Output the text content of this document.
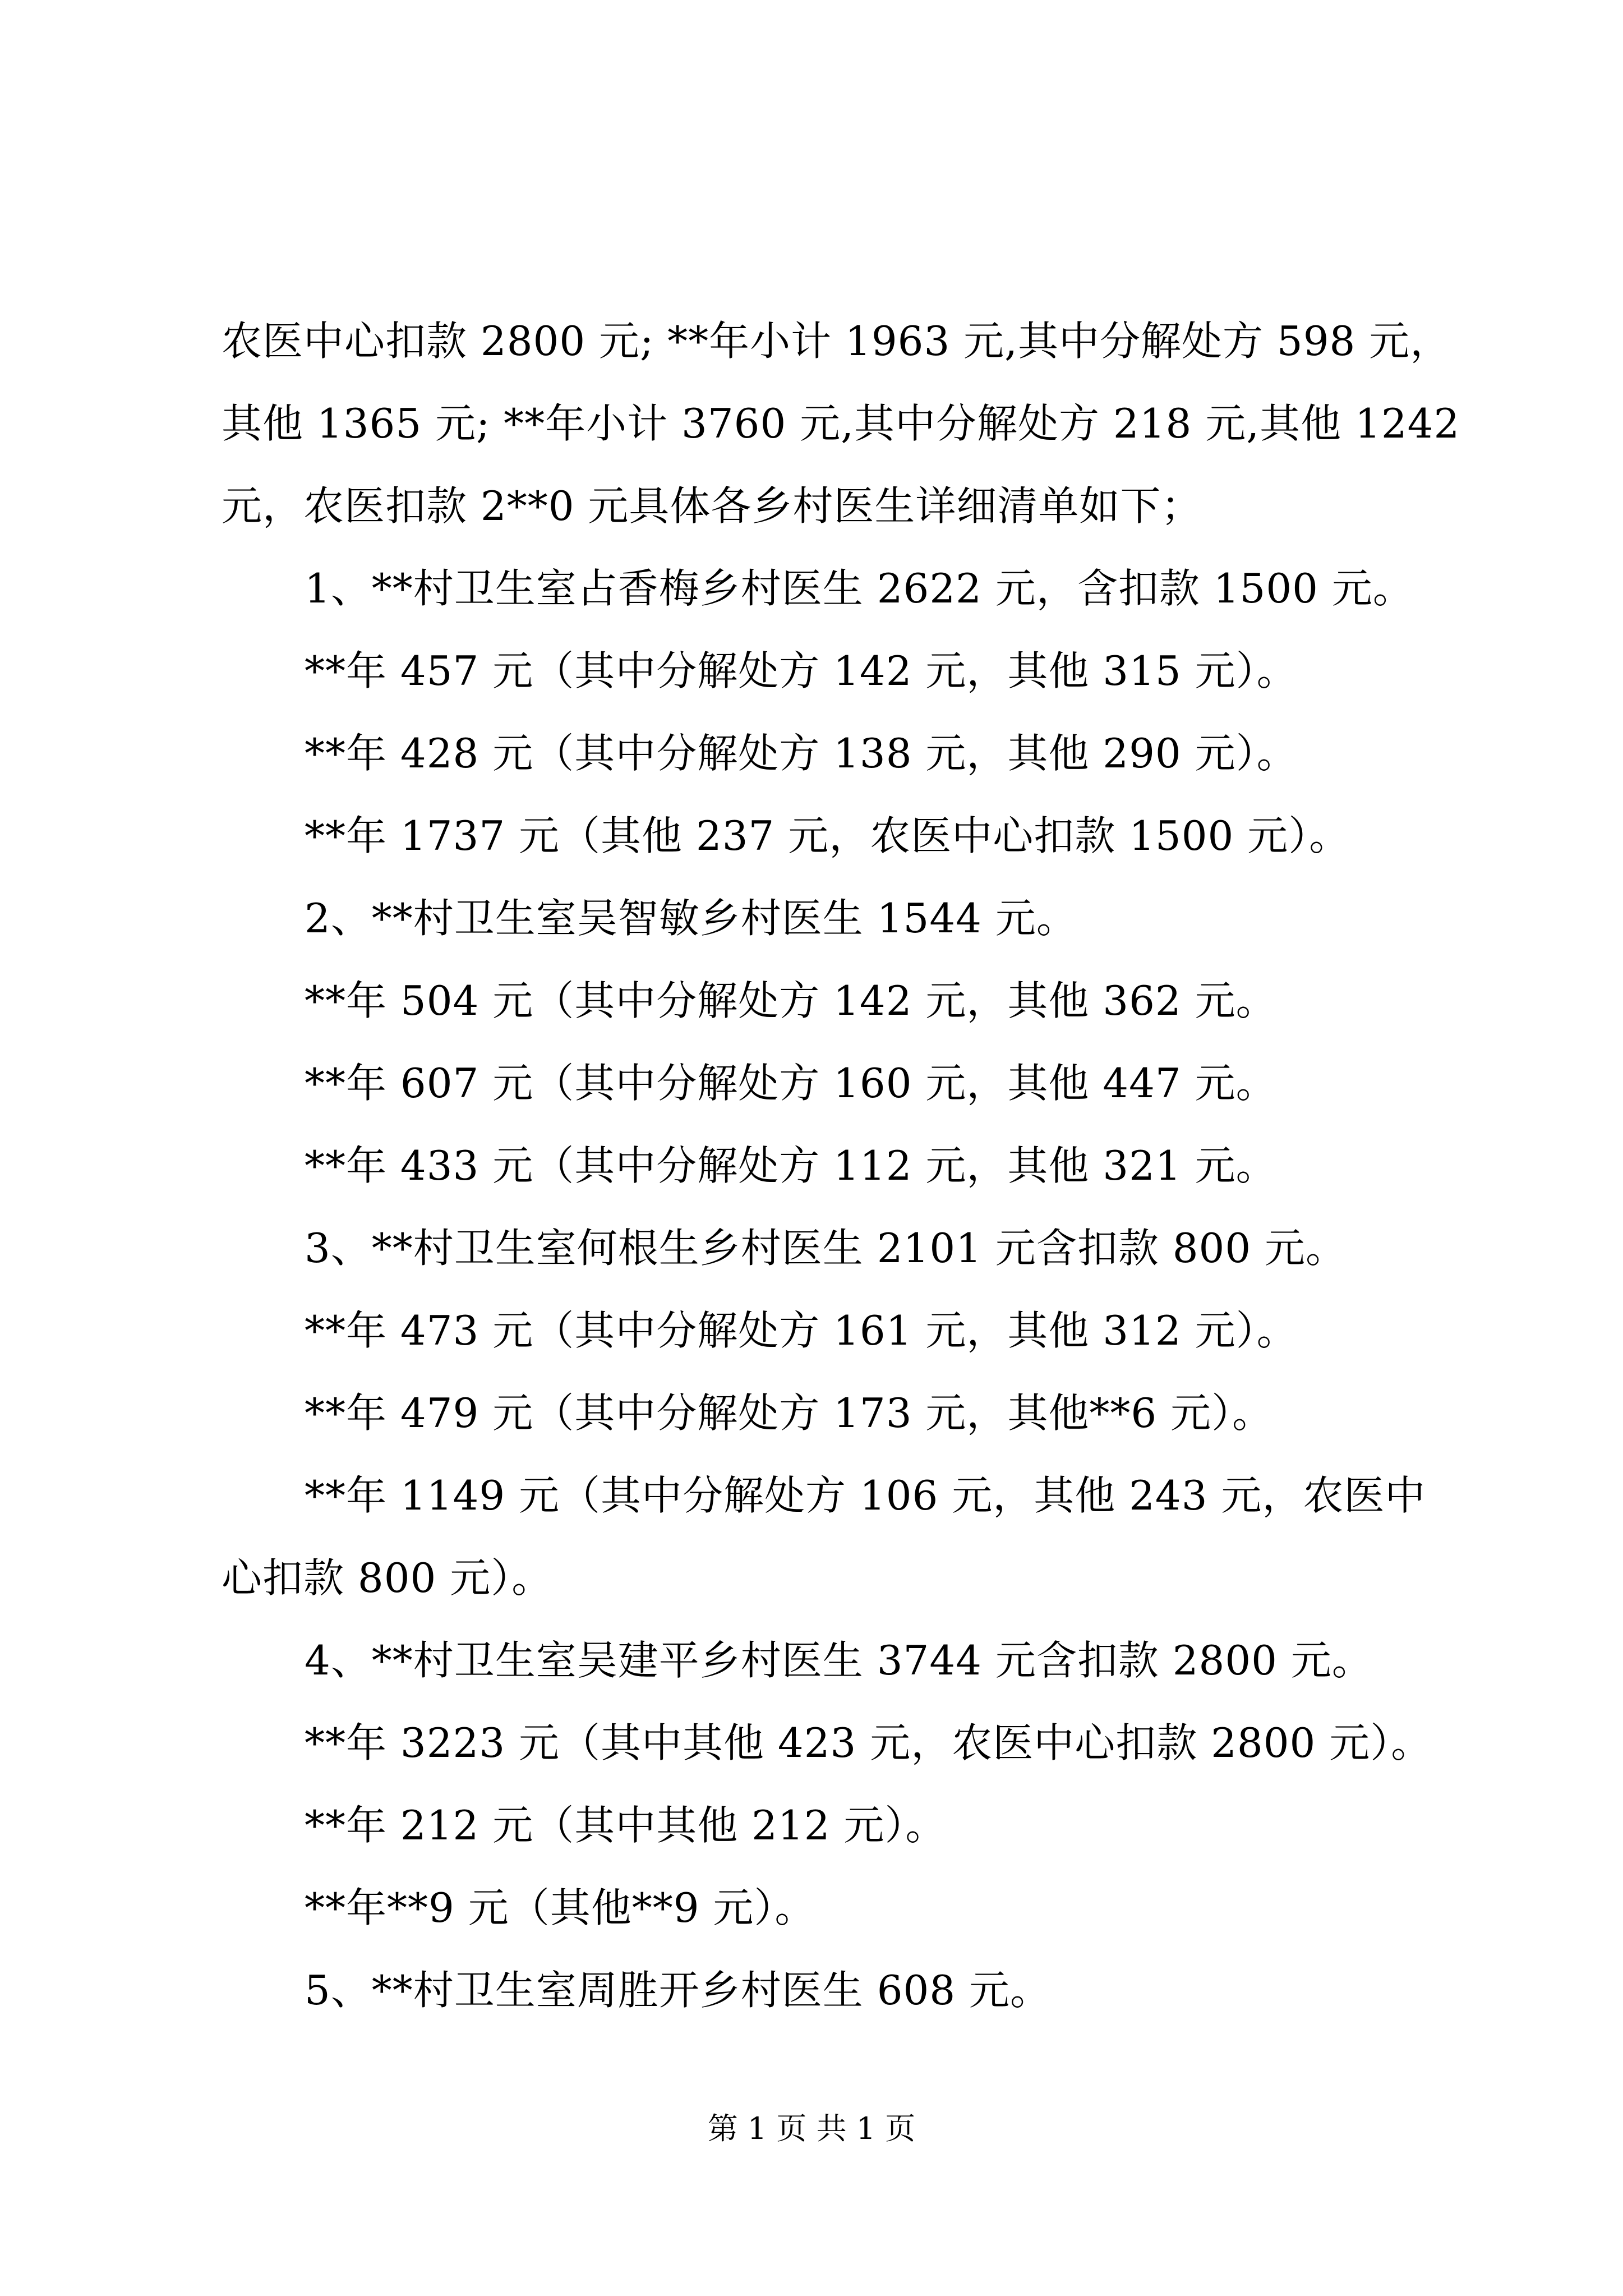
农医中心扣款 2800 元; **年小计 1963 元,其中分解处方 598 元，
其他 1365 元; **年小计 3760 元,其中分解处方 218 元,其他 1242
元，农医扣款 2**0 元具体各乡村医生详细清单如下；
1、**村卫生室占香梅乡村医生 2622 元，含扣款 1500 元。
**年 457 元（其中分解处方 142 元，其他 315 元）。
**年 428 元（其中分解处方 138 元，其他 290 元）。
**年 1737 元（其他 237 元，农医中心扣款 1500 元）。
2、**村卫生室吴智敏乡村医生 1544 元。
**年 504 元（其中分解处方 142 元，其他 362 元。
**年 607 元（其中分解处方 160 元，其他 447 元。
**年 433 元（其中分解处方 112 元，其他 321 元。
3、**村卫生室何根生乡村医生 2101 元含扣款 800 元。
**年 473 元（其中分解处方 161 元，其他 312 元）。
**年 479 元（其中分解处方 173 元，其他**6 元）。
**年 1149 元（其中分解处方 106 元，其他 243 元，农医中
心扣款 800 元）。
4、**村卫生室吴建平乡村医生 3744 元含扣款 2800 元。
**年 3223 元（其中其他 423 元，农医中心扣款 2800 元）。
**年 212 元（其中其他 212 元）。
**年**9 元（其他**9 元）。
5、**村卫生室周胜开乡村医生 608 元。
第 1 页 共 1 页
